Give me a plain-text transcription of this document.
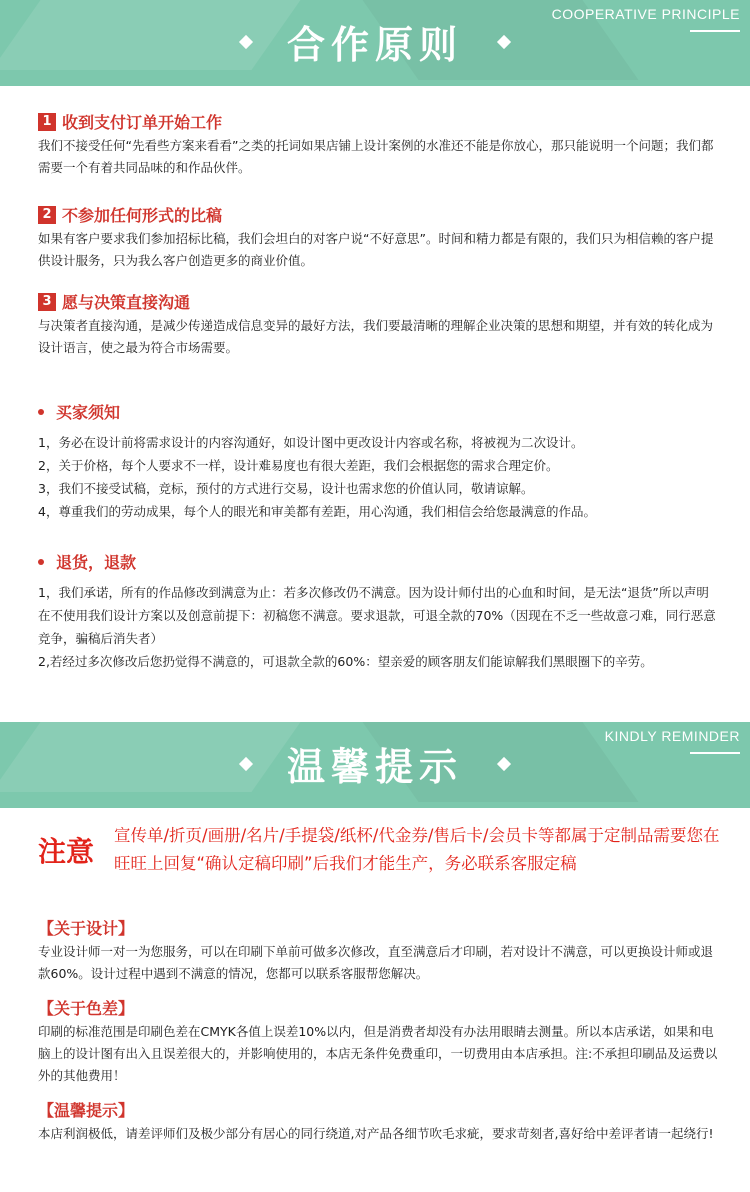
合作原则
COOPERATIVE PRINCIPLE
1 收到支付订单开始工作
我们不接受任何“先看些方案来看看”之类的托词如果店铺上设计案例的水准还不能是你放心，那只能说明一个问题；我们都需要一个有着共同品味的和作品伙伴。
2 不参加任何形式的比稿
如果有客户要求我们参加招标比稿，我们会坦白的对客户说“不好意思”。时间和精力都是有限的，我们只为相信赖的客户提供设计服务，只为我么客户创造更多的商业价值。
3 愿与决策直接沟通
与决策者直接沟通，是减少传递造成信息变异的最好方法，我们要最清晰的理解企业决策的思想和期望，并有效的转化成为设计语言，使之最为符合市场需要。
买家须知
1，务必在设计前将需求设计的内容沟通好，如设计图中更改设计内容或名称，将被视为二次设计。
2，关于价格，每个人要求不一样，设计难易度也有很大差距，我们会根据您的需求合理定价。
3，我们不接受试稿，竞标，预付的方式进行交易，设计也需求您的价值认同，敬请谅解。
4，尊重我们的劳动成果，每个人的眼光和审美都有差距，用心沟通，我们相信会给您最满意的作品。
退货，退款
1，我们承诺，所有的作品修改到满意为止：若多次修改仍不满意。因为设计师付出的心血和时间，是无法“退货”所以声明在不使用我们设计方案以及创意前提下：初稿您不满意。要求退款，可退全款的70%（因现在不乏一些故意刁难，同行恶意竞争，骗稿后消失者）
2,若经过多次修改后您扔觉得不满意的，可退款全款的60%：望亲爱的顾客朋友们能谅解我们黑眼圈下的辛劳。
温馨提示
KINDLY REMINDER
注意	宣传单/折页/画册/名片/手提袋/纸杯/代金券/售后卡/会员卡等都属于定制品需要您在旺旺上回复“确认定稿印刷”后我们才能生产，务必联系客服定稿
【关于设计】
专业设计师一对一为您服务，可以在印刷下单前可做多次修改，直至满意后才印刷，若对设计不满意，可以更换设计师或退款60%。设计过程中遇到不满意的情况，您都可以联系客服帮您解决。
【关于色差】
印刷的标准范围是印刷色差在CMYK各值上误差10%以内，但是消费者却没有办法用眼睛去测量。所以本店承诺，如果和电脑上的设计图有出入且误差很大的，并影响使用的，本店无条件免费重印，一切费用由本店承担。注:不承担印刷品及运费以外的其他费用！
【温馨提示】
本店利润极低，请差评师们及极少部分有居心的同行绕道,对产品各细节吹毛求疵，要求苛刻者,喜好给中差评者请一起绕行!
